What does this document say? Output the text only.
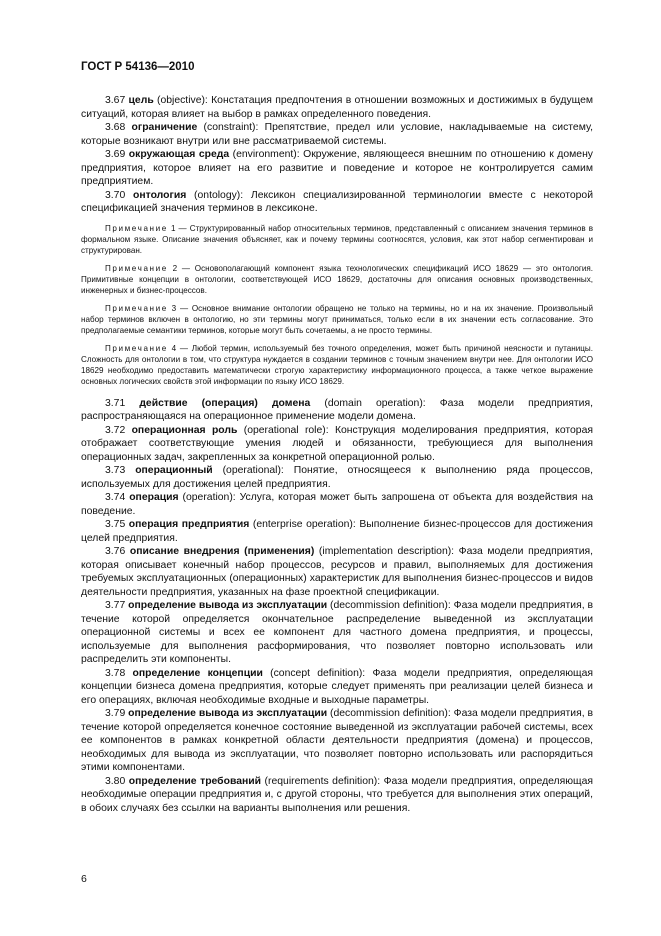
ГОСТ Р 54136—2010

3.67 цель (objective): Констатация предпочтения в отношении возможных и достижимых в будущем ситуаций, которая влияет на выбор в рамках определенного поведения.

3.68 ограничение (constraint): Препятствие, предел или условие, накладываемые на систему, которые возникают внутри или вне рассматриваемой системы.

3.69 окружающая среда (environment): Окружение, являющееся внешним по отношению к домену предприятия, которое влияет на его развитие и поведение и которое не контролируется самим предприятием.

3.70 онтология (ontology): Лексикон специализированной терминологии вместе с некоторой спецификацией значения терминов в лексиконе.

Примечание 1 — Структурированный набор относительных терминов, представленный с описанием значения терминов в формальном языке. Описание значения объясняет, как и почему термины соотносятся, условия, как этот набор сегментирован и структурирован.

Примечание 2 — Основополагающий компонент языка технологических спецификаций ИСО 18629 — это онтология. Примитивные концепции в онтологии, соответствующей ИСО 18629, достаточны для описания основных производственных, инженерных и бизнес-процессов.

Примечание 3 — Основное внимание онтологии обращено не только на термины, но и на их значение. Произвольный набор терминов включен в онтологию, но эти термины могут приниматься, только если в их значении есть согласование. Это предполагаемые семантики терминов, которые могут быть сочетаемы, а не просто термины.

Примечание 4 — Любой термин, используемый без точного определения, может быть причиной неясности и путаницы. Сложность для онтологии в том, что структура нуждается в создании терминов с точным значением внутри нее. Для онтологии ИСО 18629 необходимо предоставить математически строгую характеристику информационного процесса, а также четкое выражение основных логических свойств этой информации по языку ИСО 18629.

3.71 действие (операция) домена (domain operation): Фаза модели предприятия, распространяющаяся на операционное применение модели домена.

3.72 операционная роль (operational role): Конструкция моделирования предприятия, которая отображает соответствующие умения людей и обязанности, требующиеся для выполнения операционных задач, закрепленных за конкретной операционной ролью.

3.73 операционный (operational): Понятие, относящееся к выполнению ряда процессов, используемых для достижения целей предприятия.

3.74 операция (operation): Услуга, которая может быть запрошена от объекта для воздействия на поведение.

3.75 операция предприятия (enterprise operation): Выполнение бизнес-процессов для достижения целей предприятия.

3.76 описание внедрения (применения) (implementation description): Фаза модели предприятия, которая описывает конечный набор процессов, ресурсов и правил, выполняемых для достижения требуемых эксплуатационных (операционных) характеристик для выполнения бизнес-процессов и видов деятельности предприятия, указанных на фазе проектной спецификации.

3.77 определение вывода из эксплуатации (decommission definition): Фаза модели предприятия, в течение которой определяется окончательное распределение выведенной из эксплуатации операционной системы и всех ее компонент для частного домена предприятия, и процессы, используемые для выполнения расформирования, что позволяет повторно использовать или распределить эти компоненты.

3.78 определение концепции (concept definition): Фаза модели предприятия, определяющая концепции бизнеса домена предприятия, которые следует применять при реализации целей бизнеса и его операциях, включая необходимые входные и выходные параметры.

3.79 определение вывода из эксплуатации (decommission definition): Фаза модели предприятия, в течение которой определяется конечное состояние выведенной из эксплуатации рабочей системы, всех ее компонентов в рамках конкретной области деятельности предприятия (домена) и процессов, необходимых для вывода из эксплуатации, что позволяет повторно использовать или распорядиться этими компонентами.

3.80 определение требований (requirements definition): Фаза модели предприятия, определяющая необходимые операции предприятия и, с другой стороны, что требуется для выполнения этих операций, в обоих случаях без ссылки на варианты выполнения или решения.

6
